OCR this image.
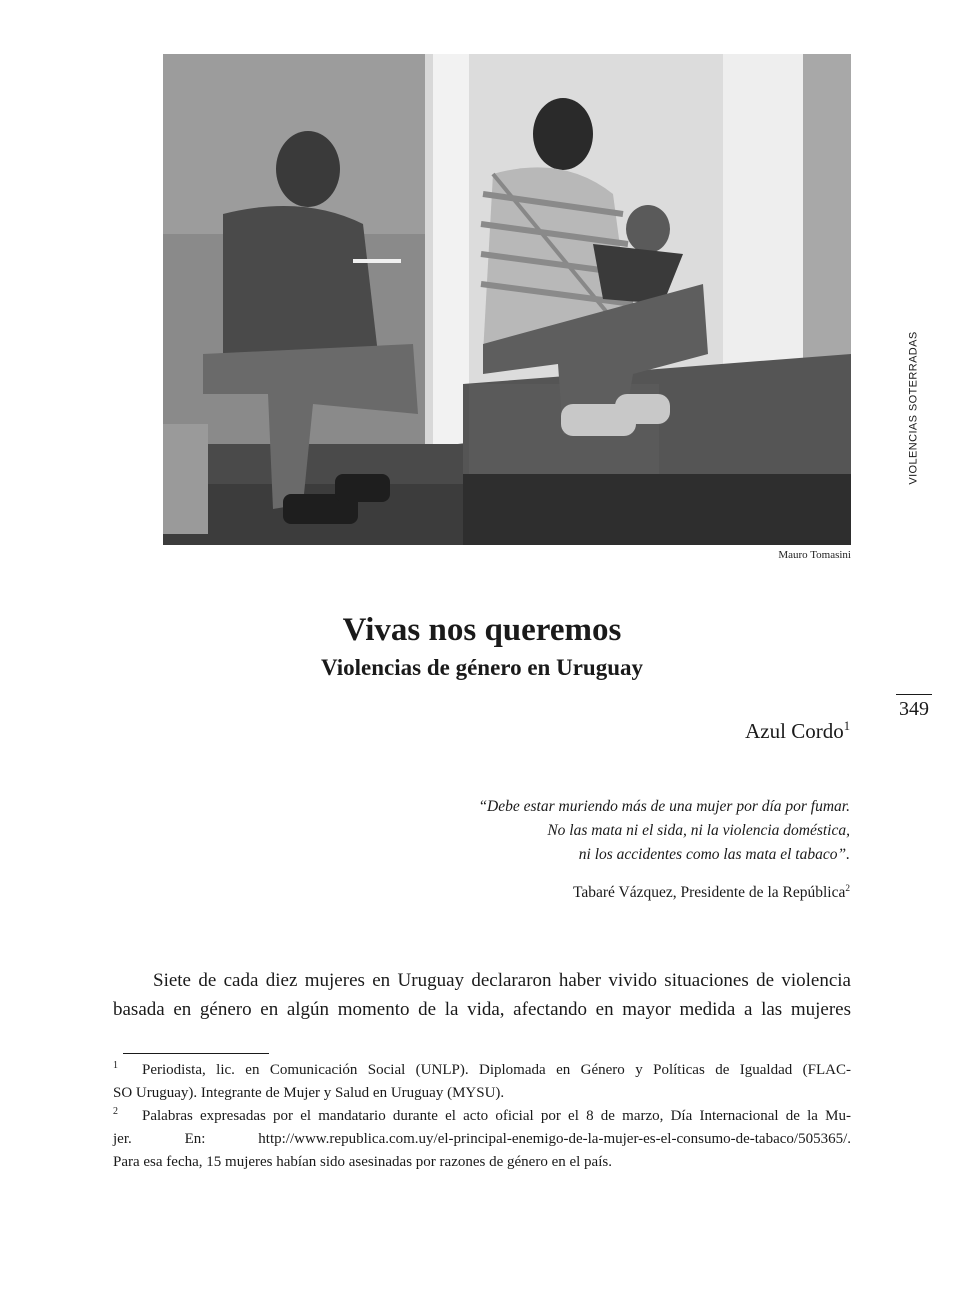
Mauro Tomasini
VIOLENCIAS SOTERRADAS
349
Vivas nos queremos
Violencias de género en Uruguay
Azul Cordo$^1$
“Debe estar muriendo más de una mujer por día por fumar.
No las mata ni el sida, ni la violencia doméstica,
ni los accidentes como las mata el tabaco”.
Tabaré Vázquez, Presidente de la República$^2$
Siete de cada diez mujeres en Uruguay declararon haber vivido situaciones de violencia
basada en género en algún momento de la vida, afectando en mayor medida a las mujeres
1	Periodista, lic. en Comunicación Social (UNLP). Diplomada en Género y Políticas de Igualdad (FLAC-
SO Uruguay). Integrante de Mujer y Salud en Uruguay (MYSU).
2	Palabras expresadas por el mandatario durante el acto oficial por el 8 de marzo, Día Internacional de la Mu-
jer. En: http://www.republica.com.uy/el-principal-enemigo-de-la-mujer-es-el-consumo-de-tabaco/505365/.
Para esa fecha, 15 mujeres habían sido asesinadas por razones de género en el país.
